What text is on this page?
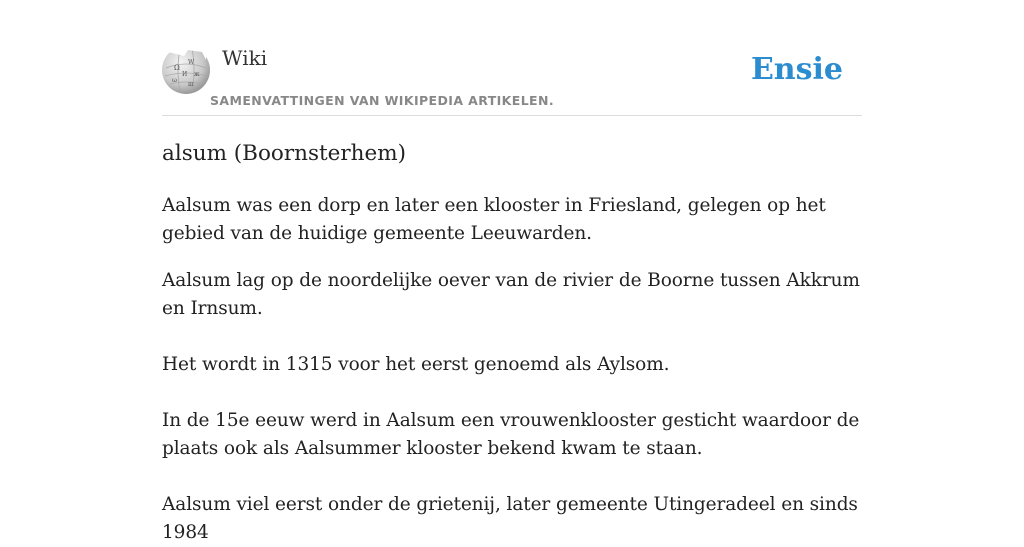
Ω
W
И ж
ω
ш
Wiki
SAMENVATTINGEN VAN WIKIPEDIA ARTIKELEN.
Ensie
alsum (Boornsterhem)

Aalsum was een dorp en later een klooster in Friesland, gelegen op het gebied van de huidige gemeente Leeuwarden.

Aalsum lag op de noordelijke oever van de rivier de Boorne tussen Akkrum en Irnsum.

Het wordt in 1315 voor het eerst genoemd als Aylsom.

In de 15e eeuw werd in Aalsum een vrouwenklooster gesticht waardoor de plaats ook als Aalsummer klooster bekend kwam te staan.

Aalsum viel eerst onder de grietenij, later gemeente Utingeradeel en sinds 1984
